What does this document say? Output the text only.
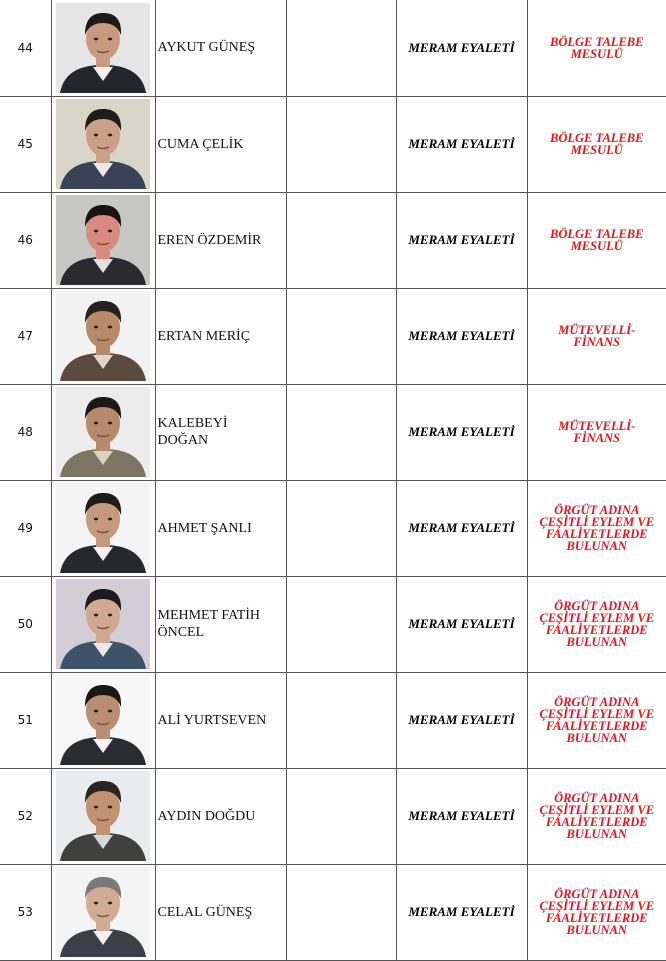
44		AYKUT GÜNEŞ		MERAM EYALETİ	BÖLGE TALEBE
MESULÜ
45		CUMA ÇELİK		MERAM EYALETİ	BÖLGE TALEBE
MESULÜ
46		EREN ÖZDEMİR		MERAM EYALETİ	BÖLGE TALEBE
MESULÜ
47		ERTAN MERİÇ		MERAM EYALETİ	MÜTEVELLİ-
FİNANS
48		KALEBEYİ
DOĞAN		MERAM EYALETİ	MÜTEVELLİ-
FİNANS
49		AHMET ŞANLI		MERAM EYALETİ	ÖRGÜT ADINA
ÇEŞİTLİ EYLEM VE
FAALİYETLERDE
BULUNAN
50		MEHMET FATİH
ÖNCEL		MERAM EYALETİ	ÖRGÜT ADINA
ÇEŞİTLİ EYLEM VE
FAALİYETLERDE
BULUNAN
51		ALİ YURTSEVEN		MERAM EYALETİ	ÖRGÜT ADINA
ÇEŞİTLİ EYLEM VE
FAALİYETLERDE
BULUNAN
52		AYDIN DOĞDU		MERAM EYALETİ	ÖRGÜT ADINA
ÇEŞİTLİ EYLEM VE
FAALİYETLERDE
BULUNAN
53		CELAL GÜNEŞ		MERAM EYALETİ	ÖRGÜT ADINA
ÇEŞİTLİ EYLEM VE
FAALİYETLERDE
BULUNAN
